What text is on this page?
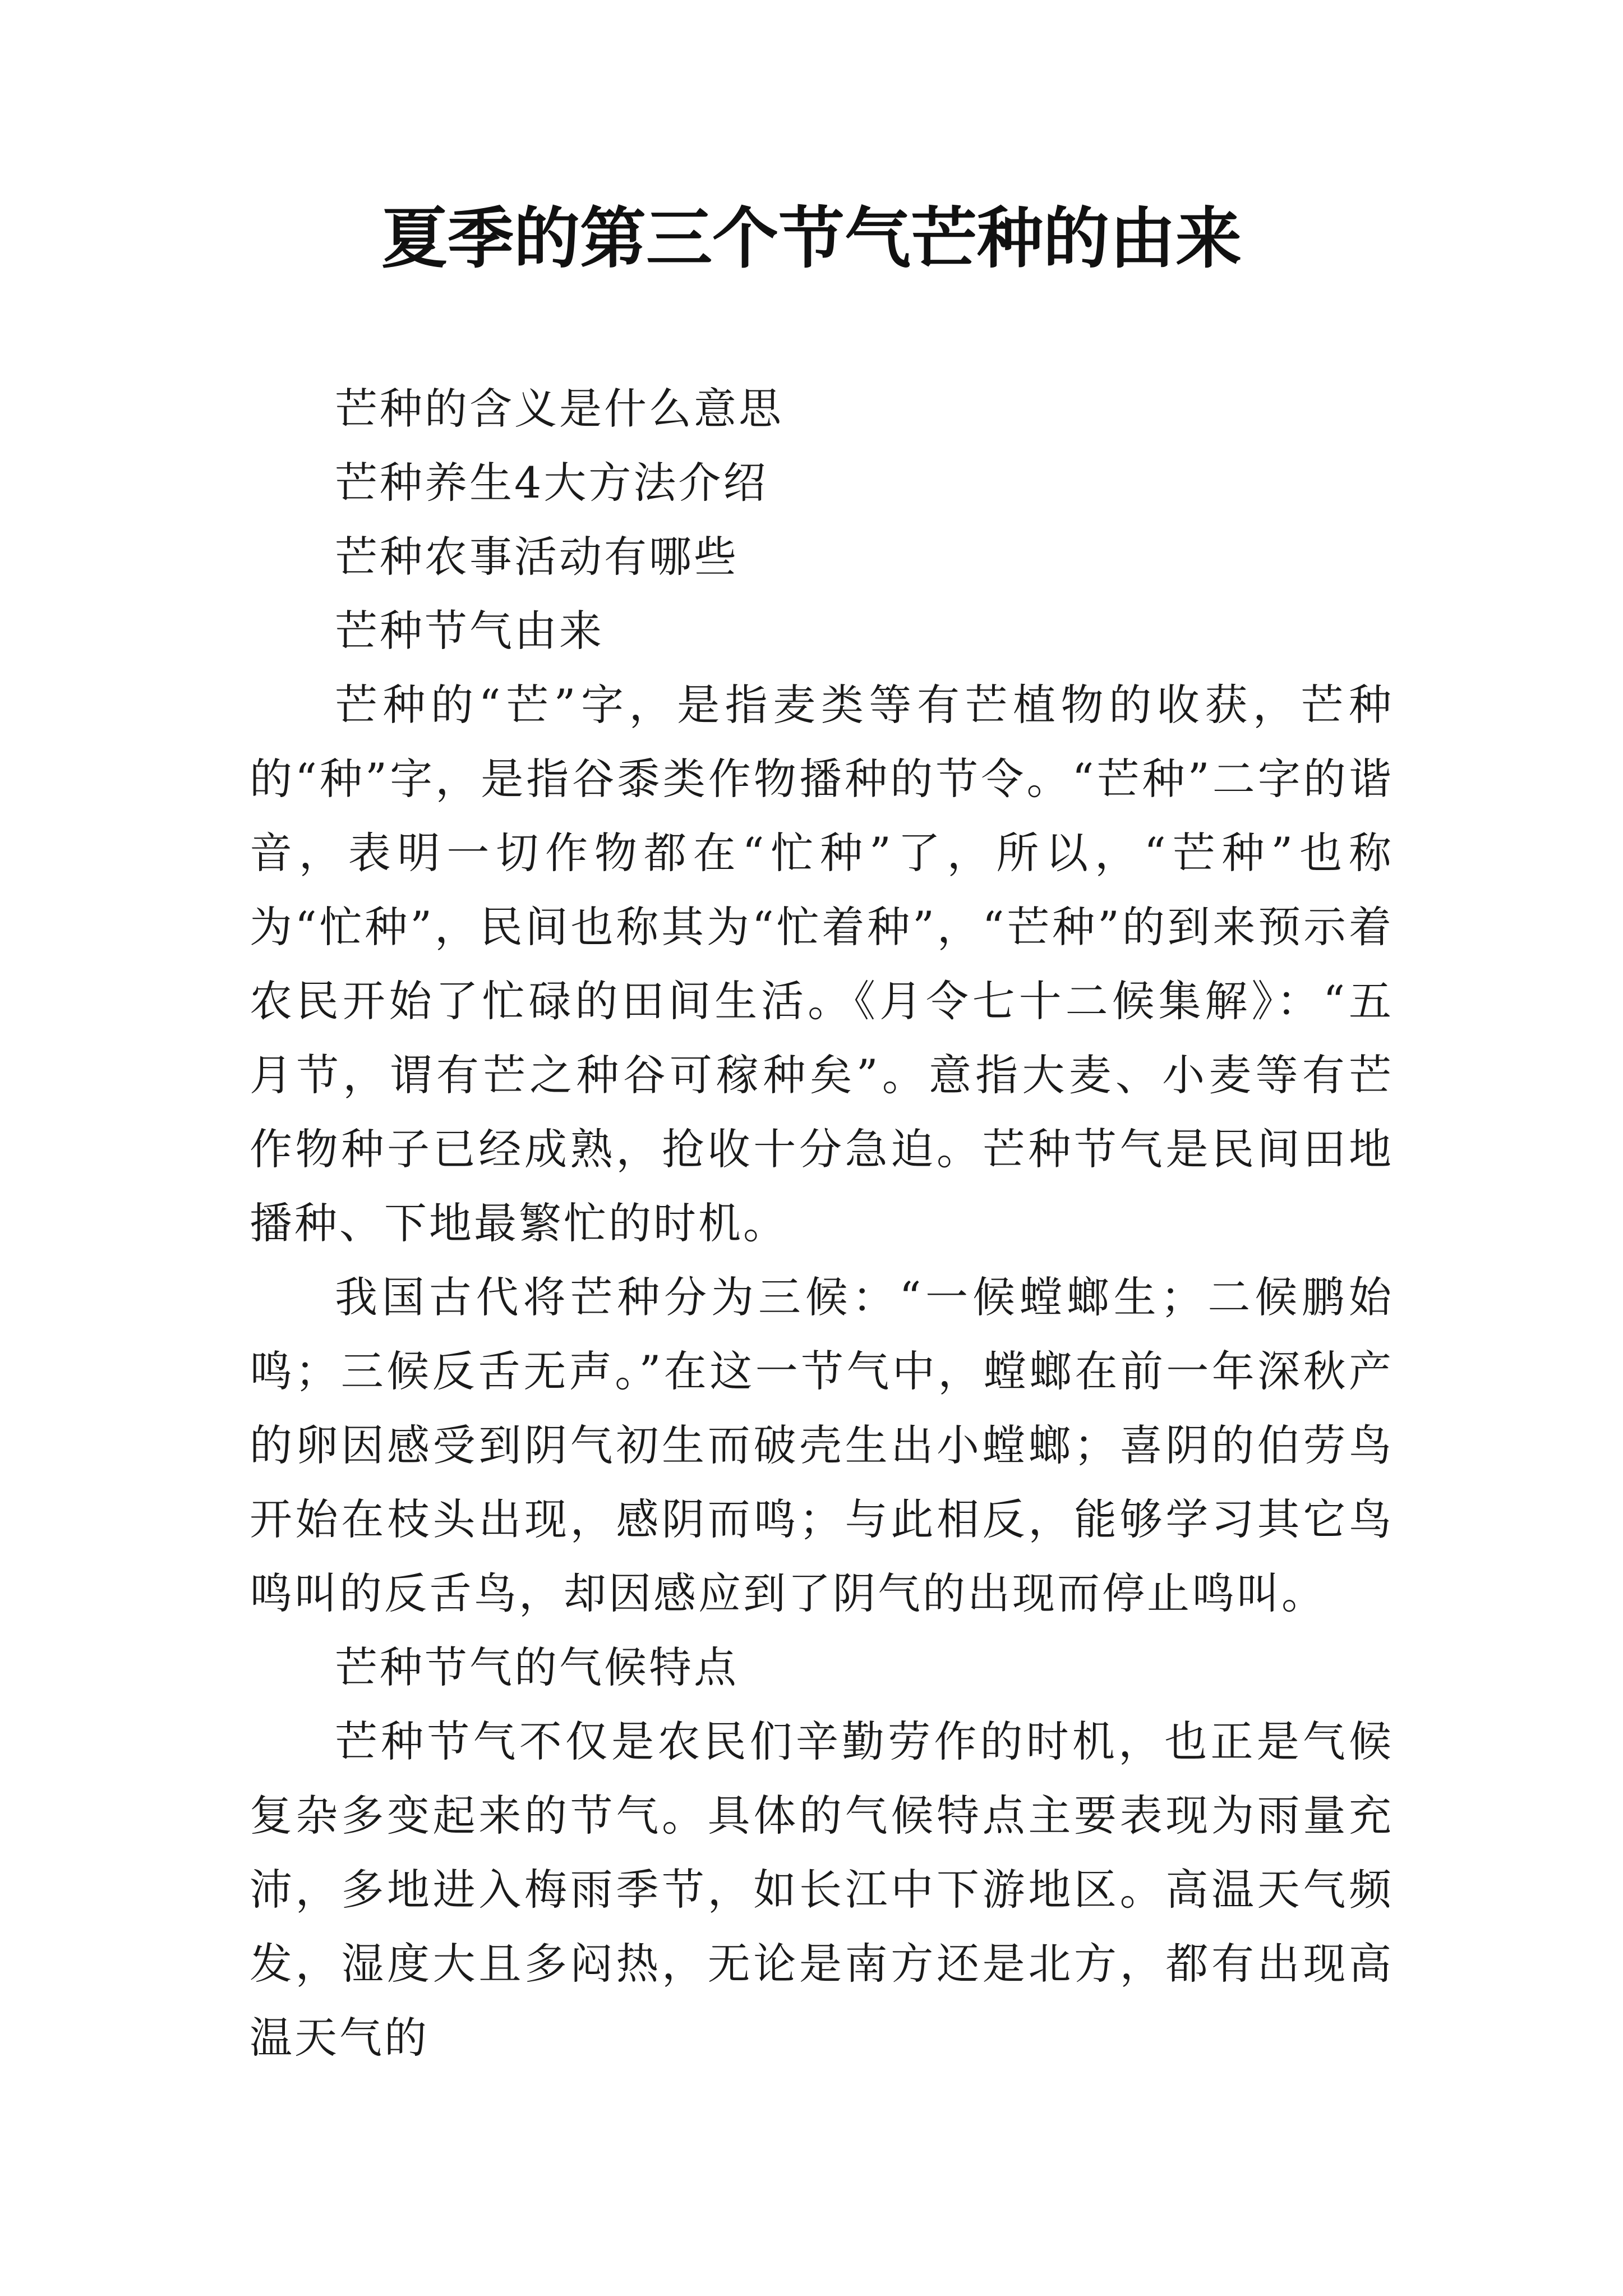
夏季的第三个节气芒种的由来

芒种的含义是什么意思

芒种养生4大方法介绍

芒种农事活动有哪些

芒种节气由来

芒种的“芒”字，是指麦类等有芒植物的收获，芒种的“种”字，是指谷黍类作物播种的节令。“芒种”二字的谐音，表明一切作物都在“忙种”了，所以，“芒种”也称为“忙种”，民间也称其为“忙着种”，“芒种”的到来预示着农民开始了忙碌的田间生活。《月令七十二候集解》：“五月节，谓有芒之种谷可稼种矣”。意指大麦、小麦等有芒作物种子已经成熟，抢收十分急迫。芒种节气是民间田地播种、下地最繁忙的时机。

我国古代将芒种分为三候：“一候螳螂生；二候鹏始鸣；三候反舌无声。”在这一节气中，螳螂在前一年深秋产的卵因感受到阴气初生而破壳生出小螳螂；喜阴的伯劳鸟开始在枝头出现，感阴而鸣；与此相反，能够学习其它鸟鸣叫的反舌鸟，却因感应到了阴气的出现而停止鸣叫。

芒种节气的气候特点

芒种节气不仅是农民们辛勤劳作的时机，也正是气候复杂多变起来的节气。具体的气候特点主要表现为雨量充沛，多地进入梅雨季节，如长江中下游地区。高温天气频发，湿度大且多闷热，无论是南方还是北方，都有出现高温天气的
